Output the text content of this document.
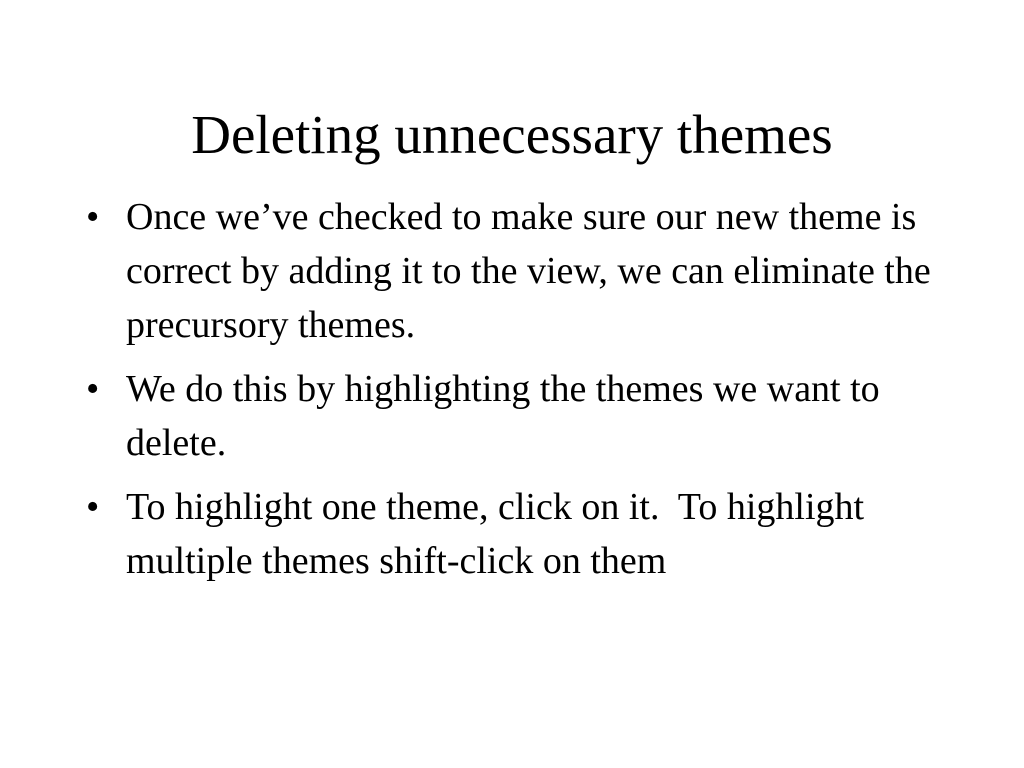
Deleting unnecessary themes
• Once we’ve checked to make sure our new theme is correct by adding it to the view, we can eliminate the precursory themes.
• We do this by highlighting the themes we want to delete.
• To highlight one theme, click on it.  To highlight multiple themes shift-click on them
